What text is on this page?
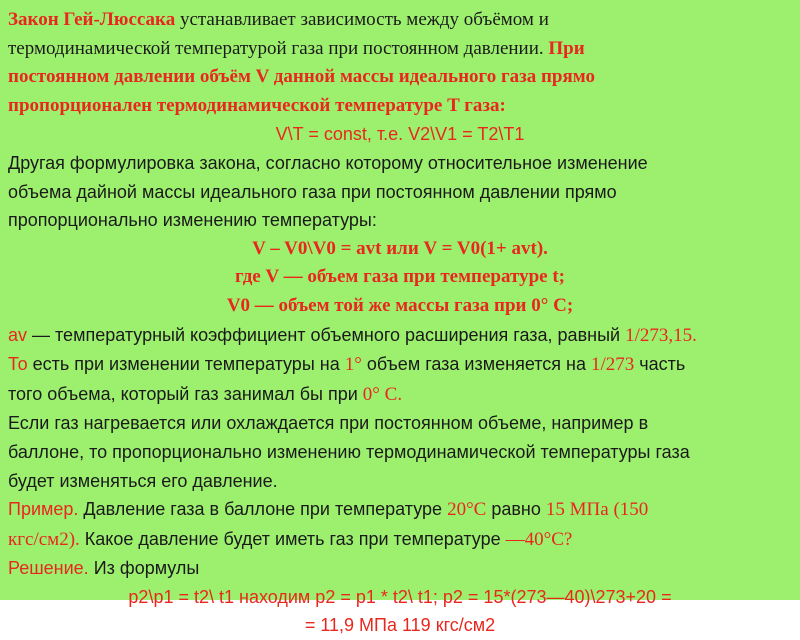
Закон Гей-Люссака устанавливает зависимость между объёмом и
термодинамической температурой газа при постоянном давлении. При
постоянном давлении объём V данной массы идеального газа прямо
пропорционален термодинамической температуре T газа:
V\T = const, т.е. V2\V1 = T2\T1
Другая формулировка закона, согласно которому относительное изменение
объема дайной массы идеального газа при постоянном давлении прямо
пропорционально изменению температуры:
V – V0\V0 = avt или V = V0(1+ avt).
где V — объем газа при температуре t;
V0 — объем той же массы газа при 0° C;
av — температурный коэффициент объемного расширения газа, равный 1/273,15.
То есть при изменении температуры на 1° объем газа изменяется на 1/273 часть
того объема, который газ занимал бы при 0° С.
Если газ нагревается или охлаждается при постоянном объеме, например в
баллоне, то пропорционально изменению термодинамической температуры газа
будет изменяться его давление.
Пример. Давление газа в баллоне при температуре 20°С равно 15 МПа (150
кгс/см2). Какое давление будет иметь газ при температуре —40°С?
Решение. Из формулы
p2\p1 = t2\ t1 находим p2 = p1 * t2\ t1; p2 = 15*(273—40)\273+20 =
= 11,9 МПа 119 кгс/см2
